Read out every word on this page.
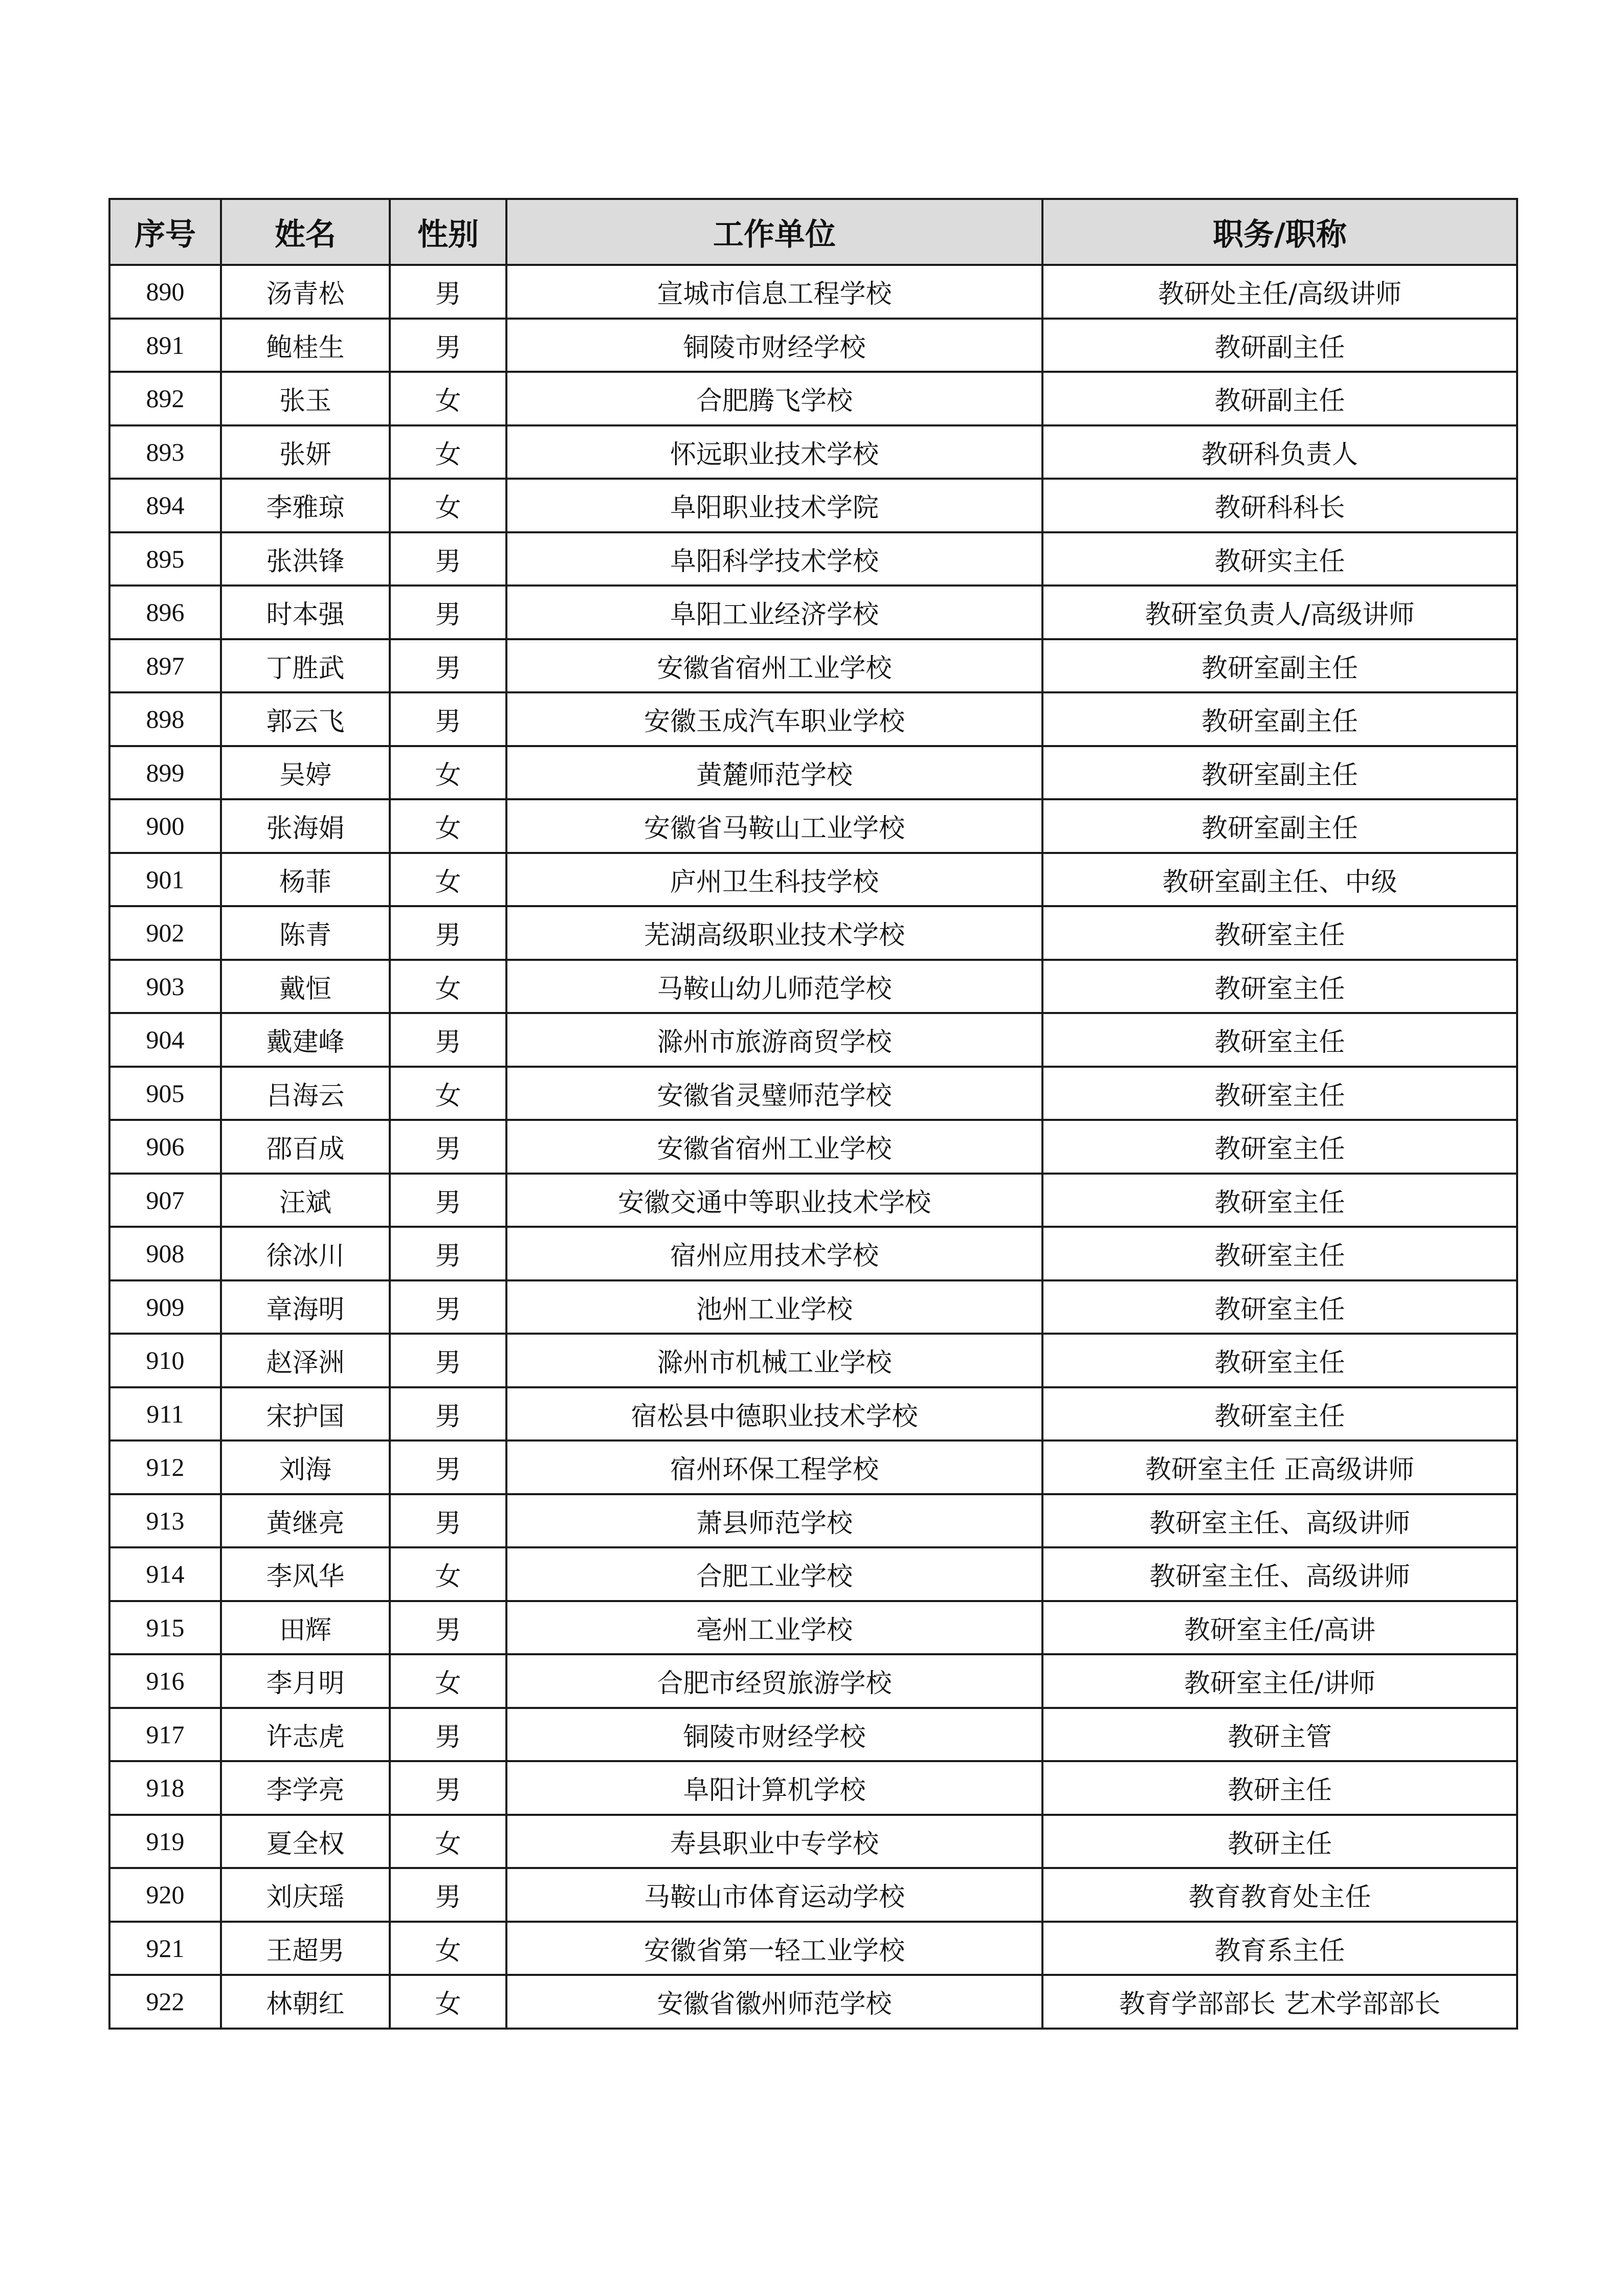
序号	姓名	性别	工作单位	职务/职称
890	汤青松	男	宣城市信息工程学校	教研处主任/高级讲师
891	鲍桂生	男	铜陵市财经学校	教研副主任
892	张玉	女	合肥腾飞学校	教研副主任
893	张妍	女	怀远职业技术学校	教研科负责人
894	李雅琼	女	阜阳职业技术学院	教研科科长
895	张洪锋	男	阜阳科学技术学校	教研实主任
896	时本强	男	阜阳工业经济学校	教研室负责人/高级讲师
897	丁胜武	男	安徽省宿州工业学校	教研室副主任
898	郭云飞	男	安徽玉成汽车职业学校	教研室副主任
899	吴婷	女	黄麓师范学校	教研室副主任
900	张海娟	女	安徽省马鞍山工业学校	教研室副主任
901	杨菲	女	庐州卫生科技学校	教研室副主任、中级
902	陈青	男	芜湖高级职业技术学校	教研室主任
903	戴恒	女	马鞍山幼儿师范学校	教研室主任
904	戴建峰	男	滁州市旅游商贸学校	教研室主任
905	吕海云	女	安徽省灵璧师范学校	教研室主任
906	邵百成	男	安徽省宿州工业学校	教研室主任
907	汪斌	男	安徽交通中等职业技术学校	教研室主任
908	徐冰川	男	宿州应用技术学校	教研室主任
909	章海明	男	池州工业学校	教研室主任
910	赵泽洲	男	滁州市机械工业学校	教研室主任
911	宋护国	男	宿松县中德职业技术学校	教研室主任
912	刘海	男	宿州环保工程学校	教研室主任 正高级讲师
913	黄继亮	男	萧县师范学校	教研室主任、高级讲师
914	李风华	女	合肥工业学校	教研室主任、高级讲师
915	田辉	男	亳州工业学校	教研室主任/高讲
916	李月明	女	合肥市经贸旅游学校	教研室主任/讲师
917	许志虎	男	铜陵市财经学校	教研主管
918	李学亮	男	阜阳计算机学校	教研主任
919	夏全权	女	寿县职业中专学校	教研主任
920	刘庆瑶	男	马鞍山市体育运动学校	教育教育处主任
921	王超男	女	安徽省第一轻工业学校	教育系主任
922	林朝红	女	安徽省徽州师范学校	教育学部部长 艺术学部部长
